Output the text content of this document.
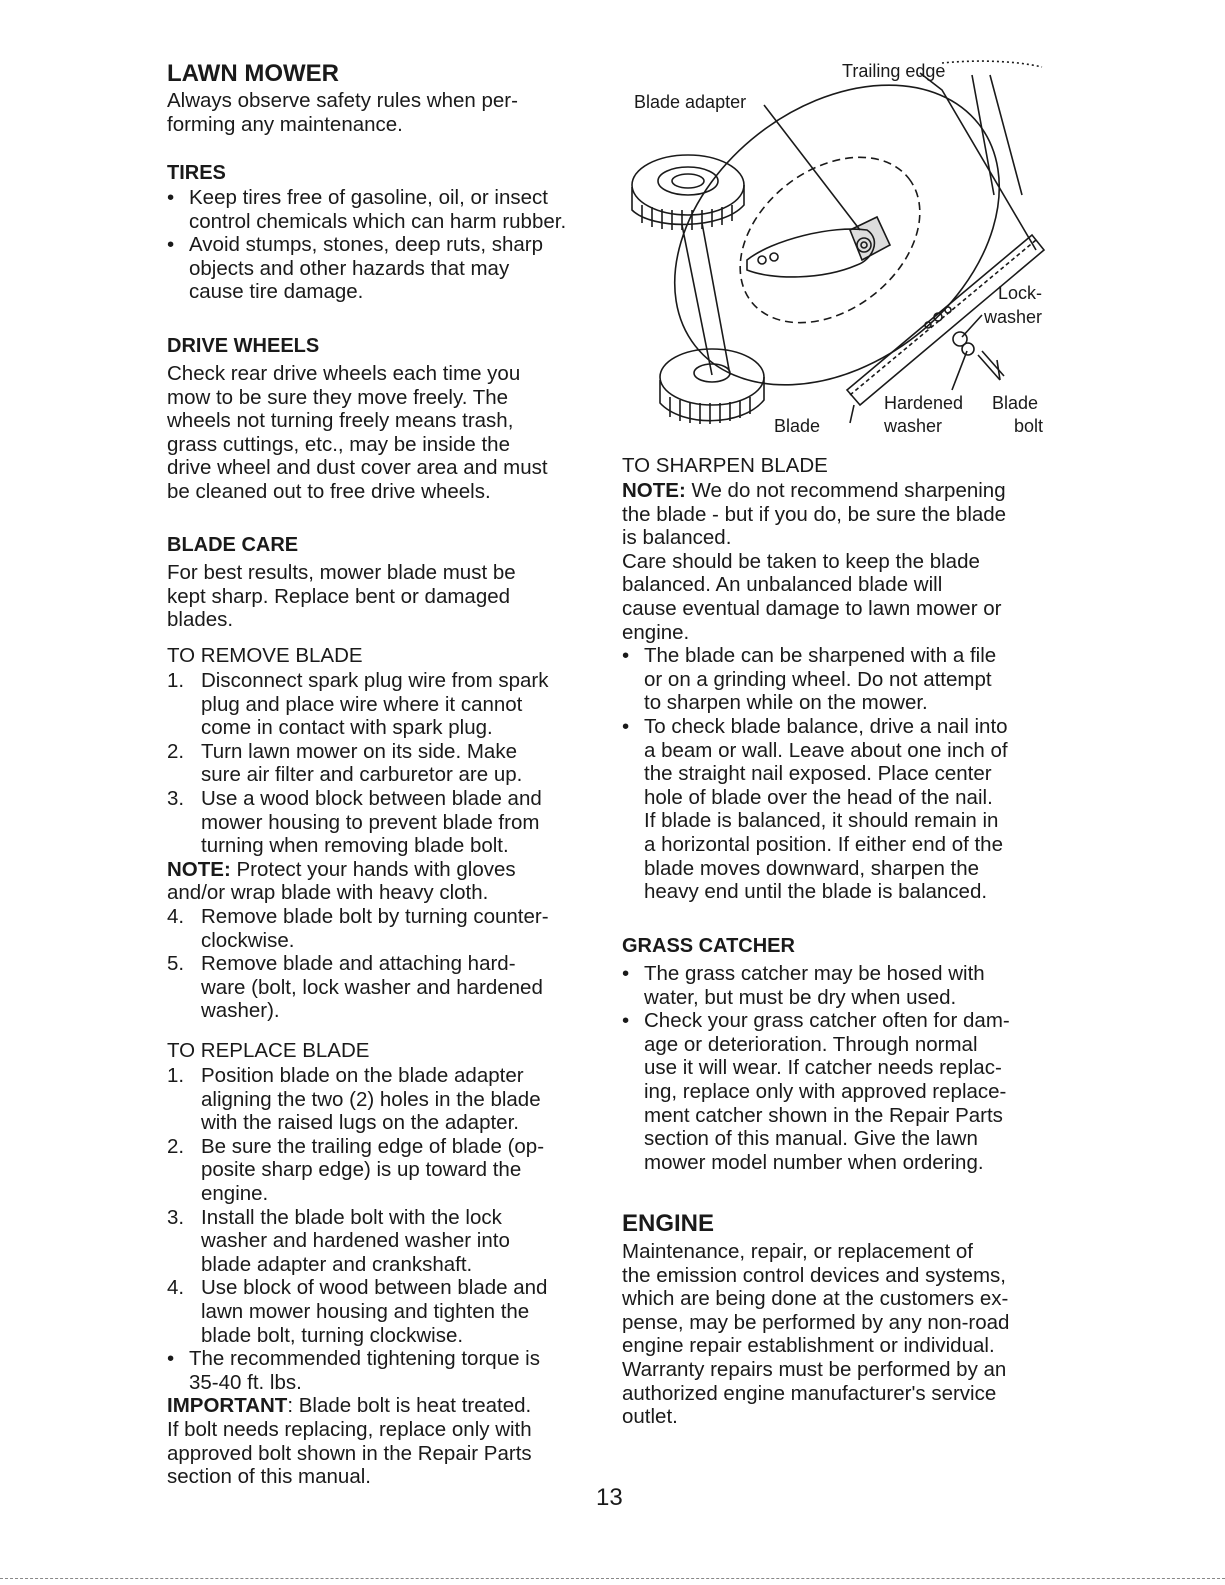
LAWN MOWER
Always observe safety rules when per-
forming any maintenance.
TIRES
• Keep tires free of gasoline, oil, or insect
control chemicals which can harm rubber.
• Avoid stumps, stones, deep ruts, sharp
objects and other hazards that may
cause tire damage.
DRIVE WHEELS
Check rear drive wheels each time you
mow to be sure they move freely. The
wheels not turning freely means trash,
grass cuttings, etc., may be inside the
drive wheel and dust cover area and must
be cleaned out to free drive wheels.
BLADE CARE
For best results, mower blade must be
kept sharp. Replace bent or damaged
blades.
TO REMOVE BLADE
1. Disconnect spark plug wire from spark
plug and place wire where it cannot
come in contact with spark plug.
2. Turn lawn mower on its side. Make
sure air filter and carburetor are up.
3. Use a wood block between blade and
mower housing to prevent blade from
turning when removing blade bolt.
NOTE: Protect your hands with gloves
and/or wrap blade with heavy cloth.
4. Remove blade bolt by turning counter-
clockwise.
5. Remove blade and attaching hard-
ware (bolt, lock washer and hardened
washer).
TO REPLACE BLADE
1. Position blade on the blade adapter
aligning the two (2) holes in the blade
with the raised lugs on the adapter.
2. Be sure the trailing edge of blade (op-
posite sharp edge) is up toward the
engine.
3. Install the blade bolt with the lock
washer and hardened washer into
blade adapter and crankshaft.
4. Use block of wood between blade and
lawn mower housing and tighten the
blade bolt, turning clockwise.
• The recommended tightening torque is
35-40 ft. lbs.
IMPORTANT: Blade bolt is heat treated.
If bolt needs replacing, replace only with
approved bolt shown in the Repair Parts
section of this manual.
Trailing edge
Blade adapter
Lock-
washer
Hardened
washer
Blade
bolt
Blade
TO SHARPEN BLADE
NOTE: We do not recommend sharpening
the blade - but if you do, be sure the blade
is balanced.
Care should be taken to keep the blade
balanced. An unbalanced blade will
cause eventual damage to lawn mower or
engine.
• The blade can be sharpened with a file
or on a grinding wheel. Do not attempt
to sharpen while on the mower.
• To check blade balance, drive a nail into
a beam or wall. Leave about one inch of
the straight nail exposed. Place center
hole of blade over the head of the nail.
If blade is balanced, it should remain in
a horizontal position. If either end of the
blade moves downward, sharpen the
heavy end until the blade is balanced.
GRASS CATCHER
• The grass catcher may be hosed with
water, but must be dry when used.
• Check your grass catcher often for dam-
age or deterioration. Through normal
use it will wear. If catcher needs replac-
ing, replace only with approved replace-
ment catcher shown in the Repair Parts
section of this manual. Give the lawn
mower model number when ordering.
ENGINE
Maintenance, repair, or replacement of
the emission control devices and systems,
which are being done at the customers ex-
pense, may be performed by any non-road
engine repair establishment or individual.
Warranty repairs must be performed by an
authorized engine manufacturer's service
outlet.
13
